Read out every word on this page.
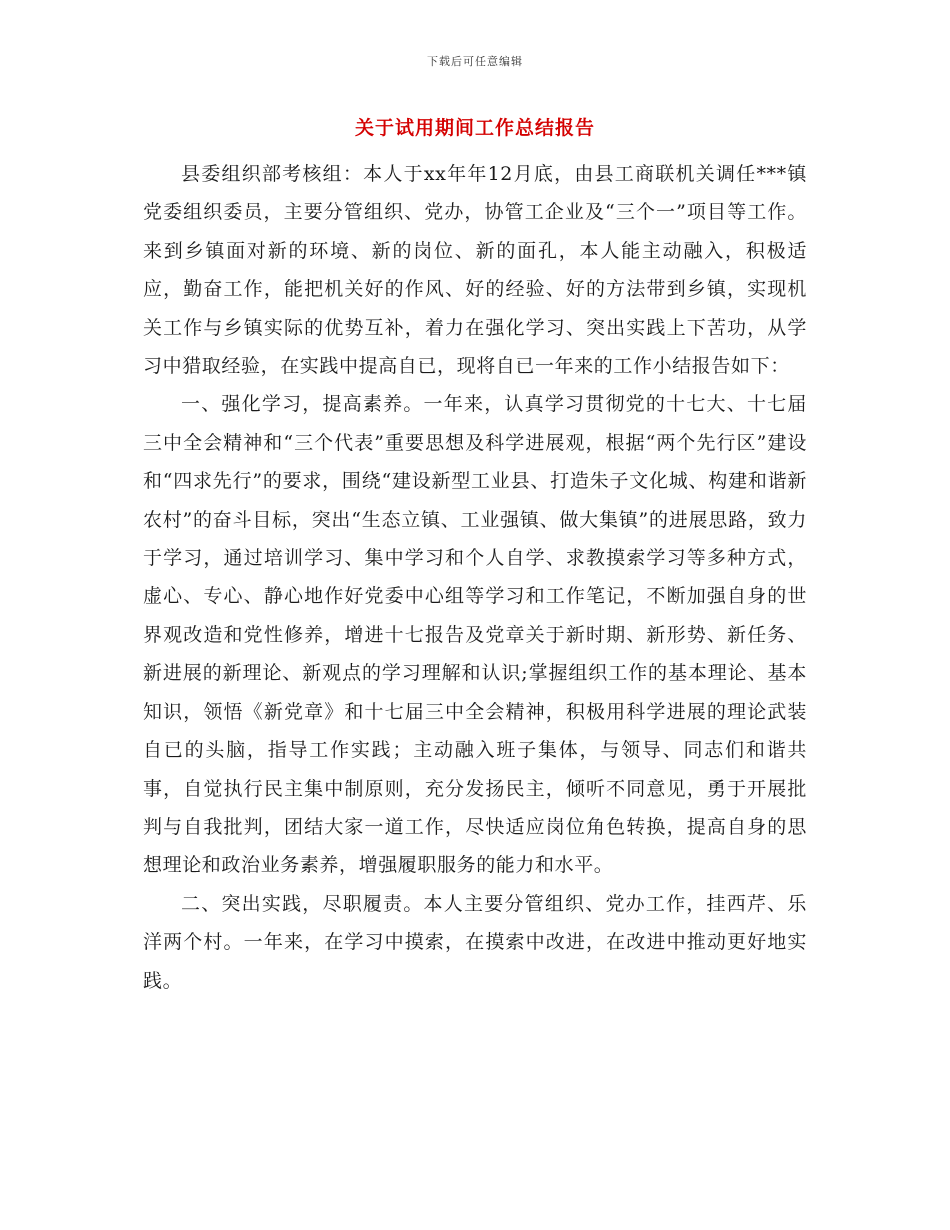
下载后可任意编辑
关于试用期间工作总结报告

县委组织部考核组：本人于xx年年12月底，由县工商联机关调任***镇党委组织委员，主要分管组织、党办，协管工企业及“三个一”项目等工作。来到乡镇面对新的环境、新的岗位、新的面孔，本人能主动融入，积极适应，勤奋工作，能把机关好的作风、好的经验、好的方法带到乡镇，实现机关工作与乡镇实际的优势互补，着力在强化学习、突出实践上下苦功，从学习中猎取经验，在实践中提高自已，现将自已一年来的工作小结报告如下：

一、强化学习，提高素养。一年来，认真学习贯彻党的十七大、十七届三中全会精神和“三个代表”重要思想及科学进展观，根据“两个先行区”建设和“四求先行”的要求，围绕“建设新型工业县、打造朱子文化城、构建和谐新农村”的奋斗目标，突出“生态立镇、工业强镇、做大集镇”的进展思路，致力于学习，通过培训学习、集中学习和个人自学、求教摸索学习等多种方式，虚心、专心、静心地作好党委中心组等学习和工作笔记，不断加强自身的世界观改造和党性修养，增进十七报告及党章关于新时期、新形势、新任务、新进展的新理论、新观点的学习理解和认识;掌握组织工作的基本理论、基本知识，领悟《新党章》和十七届三中全会精神，积极用科学进展的理论武装自已的头脑，指导工作实践；主动融入班子集体，与领导、同志们和谐共事，自觉执行民主集中制原则，充分发扬民主，倾听不同意见，勇于开展批判与自我批判，团结大家一道工作，尽快适应岗位角色转换，提高自身的思想理论和政治业务素养，增强履职服务的能力和水平。

二、突出实践，尽职履责。本人主要分管组织、党办工作，挂西芹、乐洋两个村。一年来，在学习中摸索，在摸索中改进，在改进中推动更好地实践。
